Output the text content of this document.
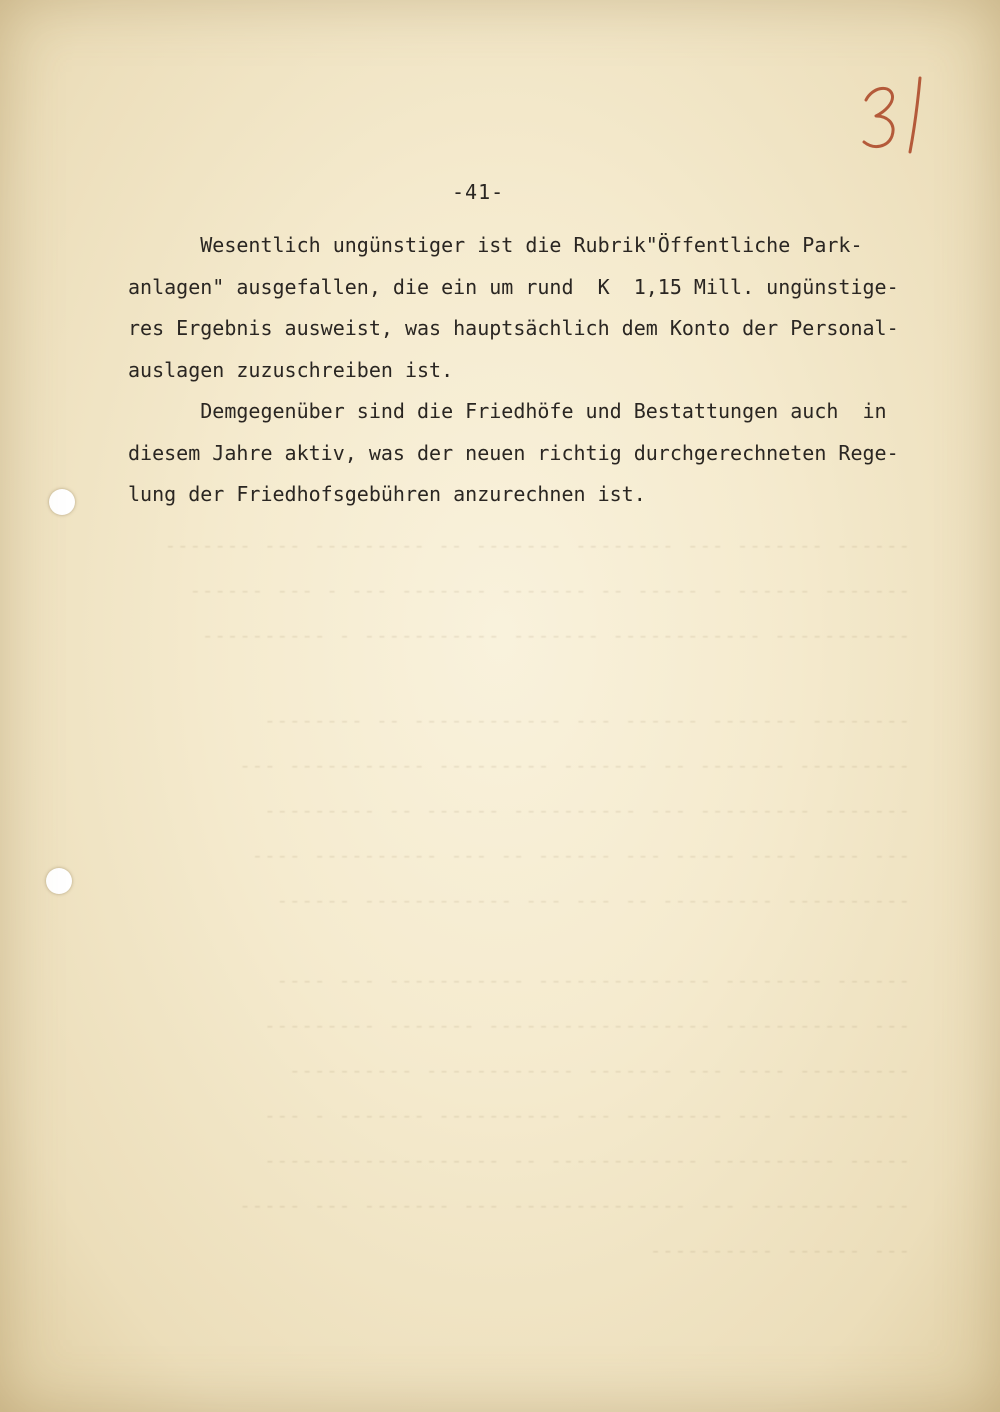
------ ------- --- -------- ------- -- --------- --- -------
------- ------ - ----- -- ------- ------- --- - --- ------
----------- ------------ ------- ----------- - ----------
-------- ------- ------ --- ------------ -- --------
--------- ------- -- ------- --------- ----------- ---
------- --------- --- ---------- ------ -- ---------
--- ---- ---- ----- --- ------ -- --- ---------- ----
---------- --------- -- --- --- ------------ ------
------ -------- -------------- ----------- --- ----
--- ----------- ------------------ ------- ---------
--------- ---- --- ------- ------------ ----------
---------- --- -------- --- ---------- ------- - ---
----- ---------- ------------ -- -------------------
--- --------- --- -------------- --- ------- --- -----
--- ------ ----------
-41-
Wesentlich ungünstiger ist die Rubrik"Öffentliche Park-
anlagen" ausgefallen, die ein um rund  K  1,15 Mill. ungünstige-
res Ergebnis ausweist, was hauptsächlich dem Konto der Personal-
auslagen zuzuschreiben ist.
Demgegenüber sind die Friedhöfe und Bestattungen auch  in
diesem Jahre aktiv, was der neuen richtig durchgerechneten Rege-
lung der Friedhofsgebühren anzurechnen ist.
